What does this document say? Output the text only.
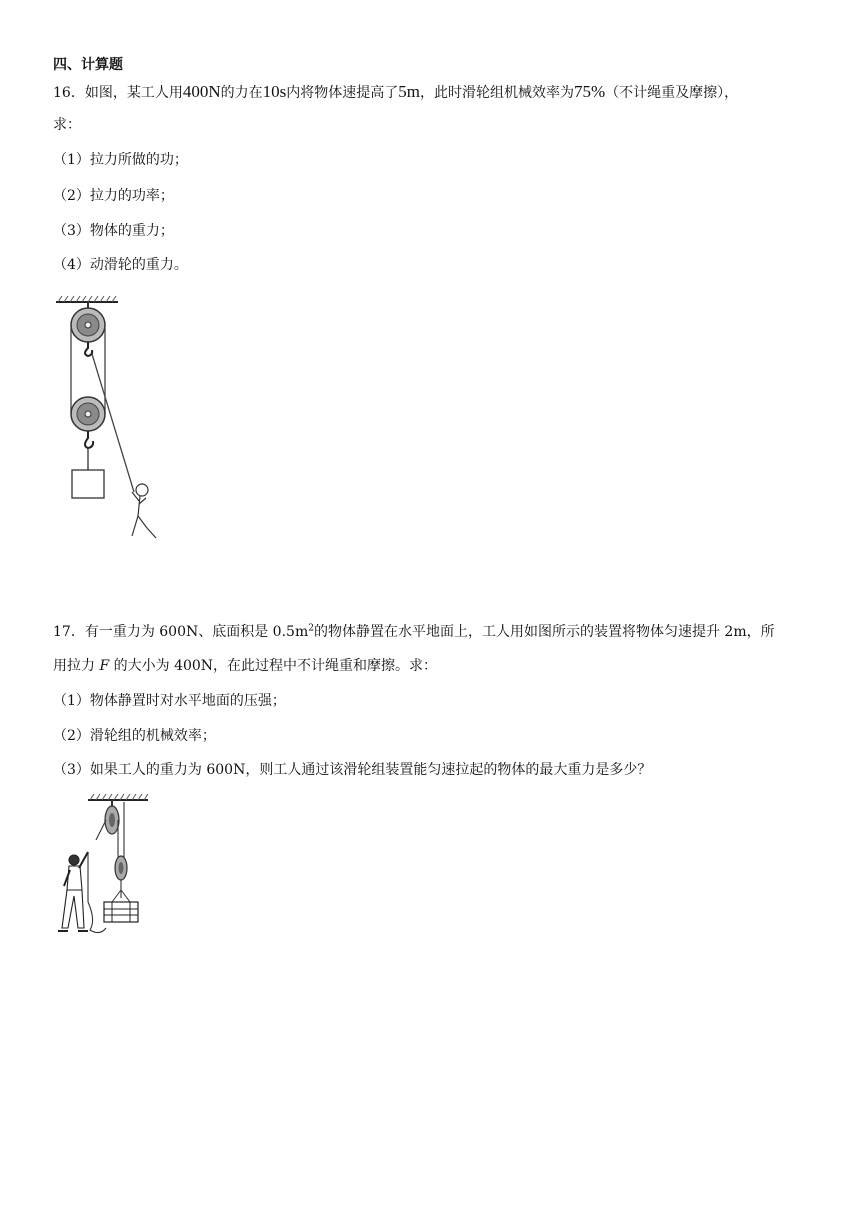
四、计算题
16．如图，某工人用400N的力在10s内将物体速提高了5m，此时滑轮组机械效率为75%（不计绳重及摩擦），
求：
（1）拉力所做的功；
（2）拉力的功率；
（3）物体的重力；
（4）动滑轮的重力。
17．有一重力为 600N、底面积是 $0.5m^2$的物体静置在水平地面上，工人用如图所示的装置将物体匀速提升 2m，所
用拉力 F 的大小为 400N，在此过程中不计绳重和摩擦。求：
（1）物体静置时对水平地面的压强；
（2）滑轮组的机械效率；
（3）如果工人的重力为 600N，则工人通过该滑轮组装置能匀速拉起的物体的最大重力是多少？
